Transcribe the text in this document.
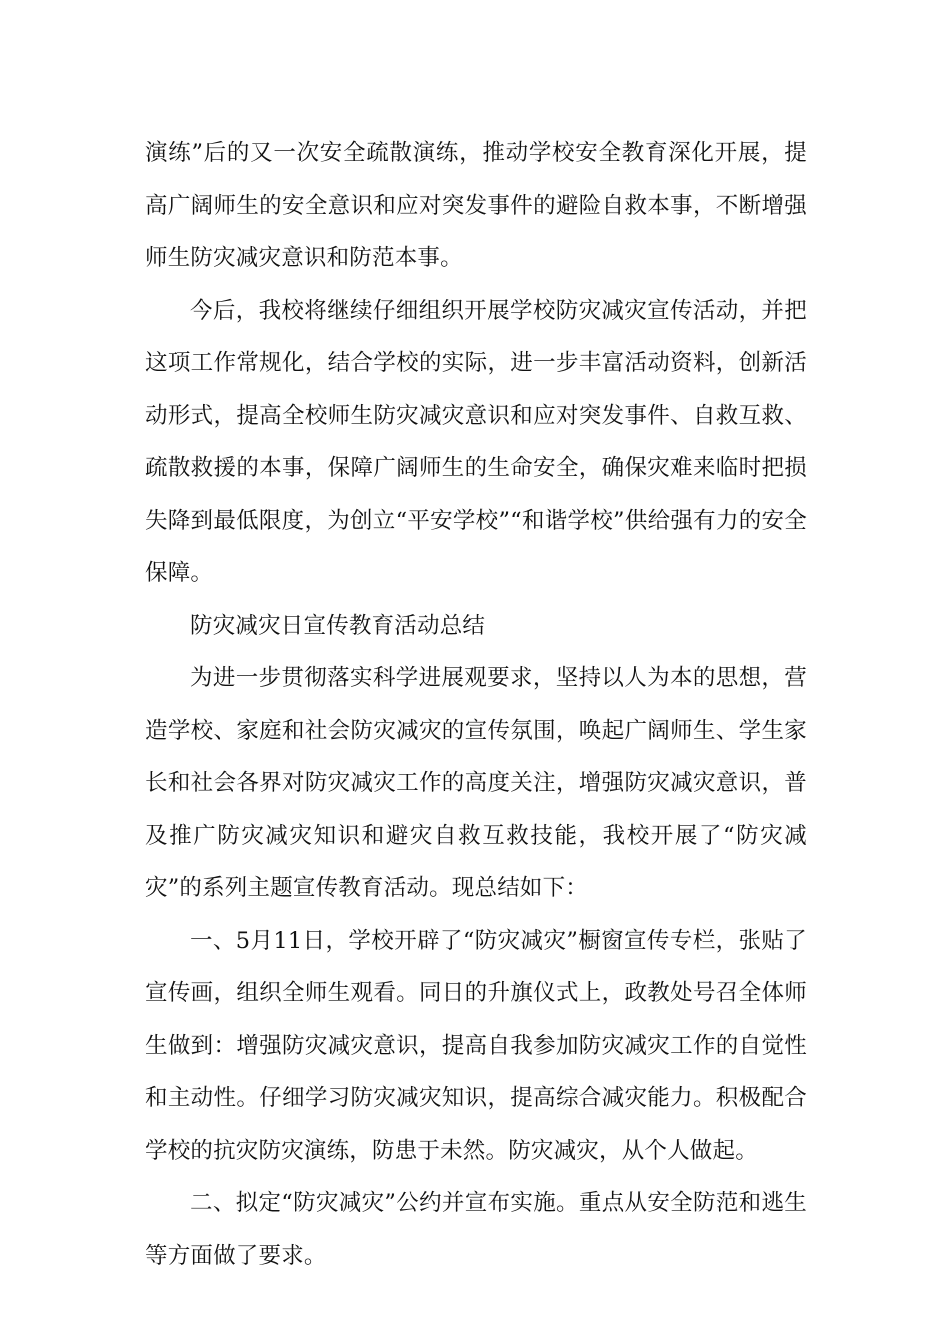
演练”后的又一次安全疏散演练，推动学校安全教育深化开展，提高广阔师生的安全意识和应对突发事件的避险自救本事，不断增强师生防灾减灾意识和防范本事。

今后，我校将继续仔细组织开展学校防灾减灾宣传活动，并把这项工作常规化，结合学校的实际，进一步丰富活动资料，创新活动形式，提高全校师生防灾减灾意识和应对突发事件、自救互救、疏散救援的本事，保障广阔师生的生命安全，确保灾难来临时把损失降到最低限度，为创立“平安学校”“和谐学校”供给强有力的安全保障。

防灾减灾日宣传教育活动总结

为进一步贯彻落实科学进展观要求，坚持以人为本的思想，营造学校、家庭和社会防灾减灾的宣传氛围，唤起广阔师生、学生家长和社会各界对防灾减灾工作的高度关注，增强防灾减灾意识，普及推广防灾减灾知识和避灾自救互救技能，我校开展了“防灾减灾”的系列主题宣传教育活动。现总结如下：

一、5月11日，学校开辟了“防灾减灾”橱窗宣传专栏，张贴了宣传画，组织全师生观看。同日的升旗仪式上，政教处号召全体师生做到：增强防灾减灾意识，提高自我参加防灾减灾工作的自觉性和主动性。仔细学习防灾减灾知识，提高综合减灾能力。积极配合学校的抗灾防灾演练，防患于未然。防灾减灾，从个人做起。

二、拟定“防灾减灾”公约并宣布实施。重点从安全防范和逃生等方面做了要求。
